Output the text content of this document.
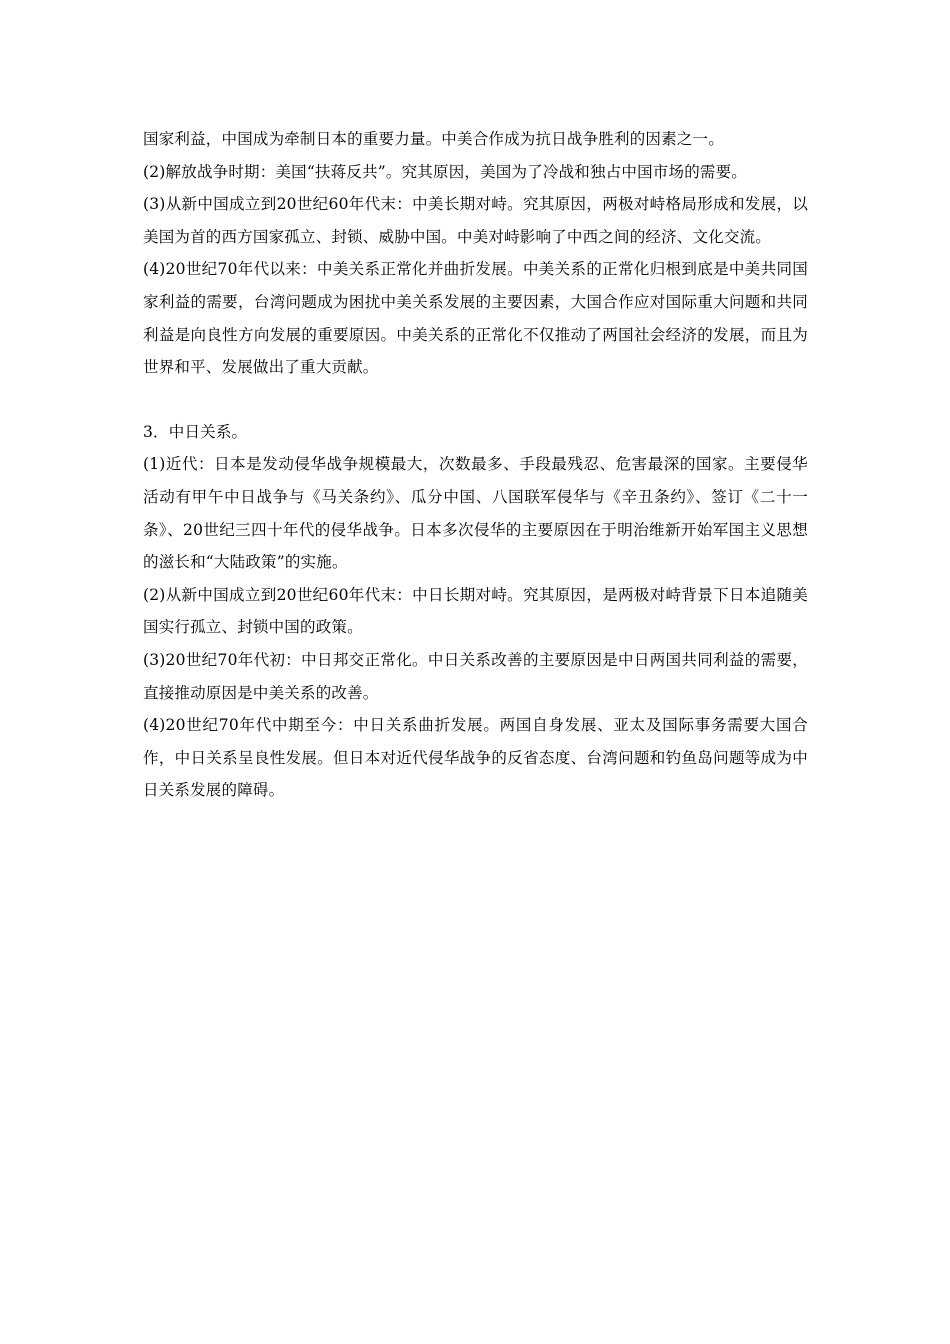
国家利益，中国成为牵制日本的重要力量。中美合作成为抗日战争胜利的因素之一。

(2)解放战争时期：美国“扶蒋反共”。究其原因，美国为了冷战和独占中国市场的需要。

(3)从新中国成立到20世纪60年代末：中美长期对峙。究其原因，两极对峙格局形成和发展，以美国为首的西方国家孤立、封锁、威胁中国。中美对峙影响了中西之间的经济、文化交流。

(4)20世纪70年代以来：中美关系正常化并曲折发展。中美关系的正常化归根到底是中美共同国家利益的需要，台湾问题成为困扰中美关系发展的主要因素，大国合作应对国际重大问题和共同利益是向良性方向发展的重要原因。中美关系的正常化不仅推动了两国社会经济的发展，而且为世界和平、发展做出了重大贡献。

3．中日关系。

(1)近代：日本是发动侵华战争规模最大，次数最多、手段最残忍、危害最深的国家。主要侵华活动有甲午中日战争与《马关条约》、瓜分中国、八国联军侵华与《辛丑条约》、签订《二十一条》、20世纪三四十年代的侵华战争。日本多次侵华的主要原因在于明治维新开始军国主义思想的滋长和“大陆政策”的实施。

(2)从新中国成立到20世纪60年代末：中日长期对峙。究其原因，是两极对峙背景下日本追随美国实行孤立、封锁中国的政策。

(3)20世纪70年代初：中日邦交正常化。中日关系改善的主要原因是中日两国共同利益的需要，直接推动原因是中美关系的改善。

(4)20世纪70年代中期至今：中日关系曲折发展。两国自身发展、亚太及国际事务需要大国合作，中日关系呈良性发展。但日本对近代侵华战争的反省态度、台湾问题和钓鱼岛问题等成为中日关系发展的障碍。
